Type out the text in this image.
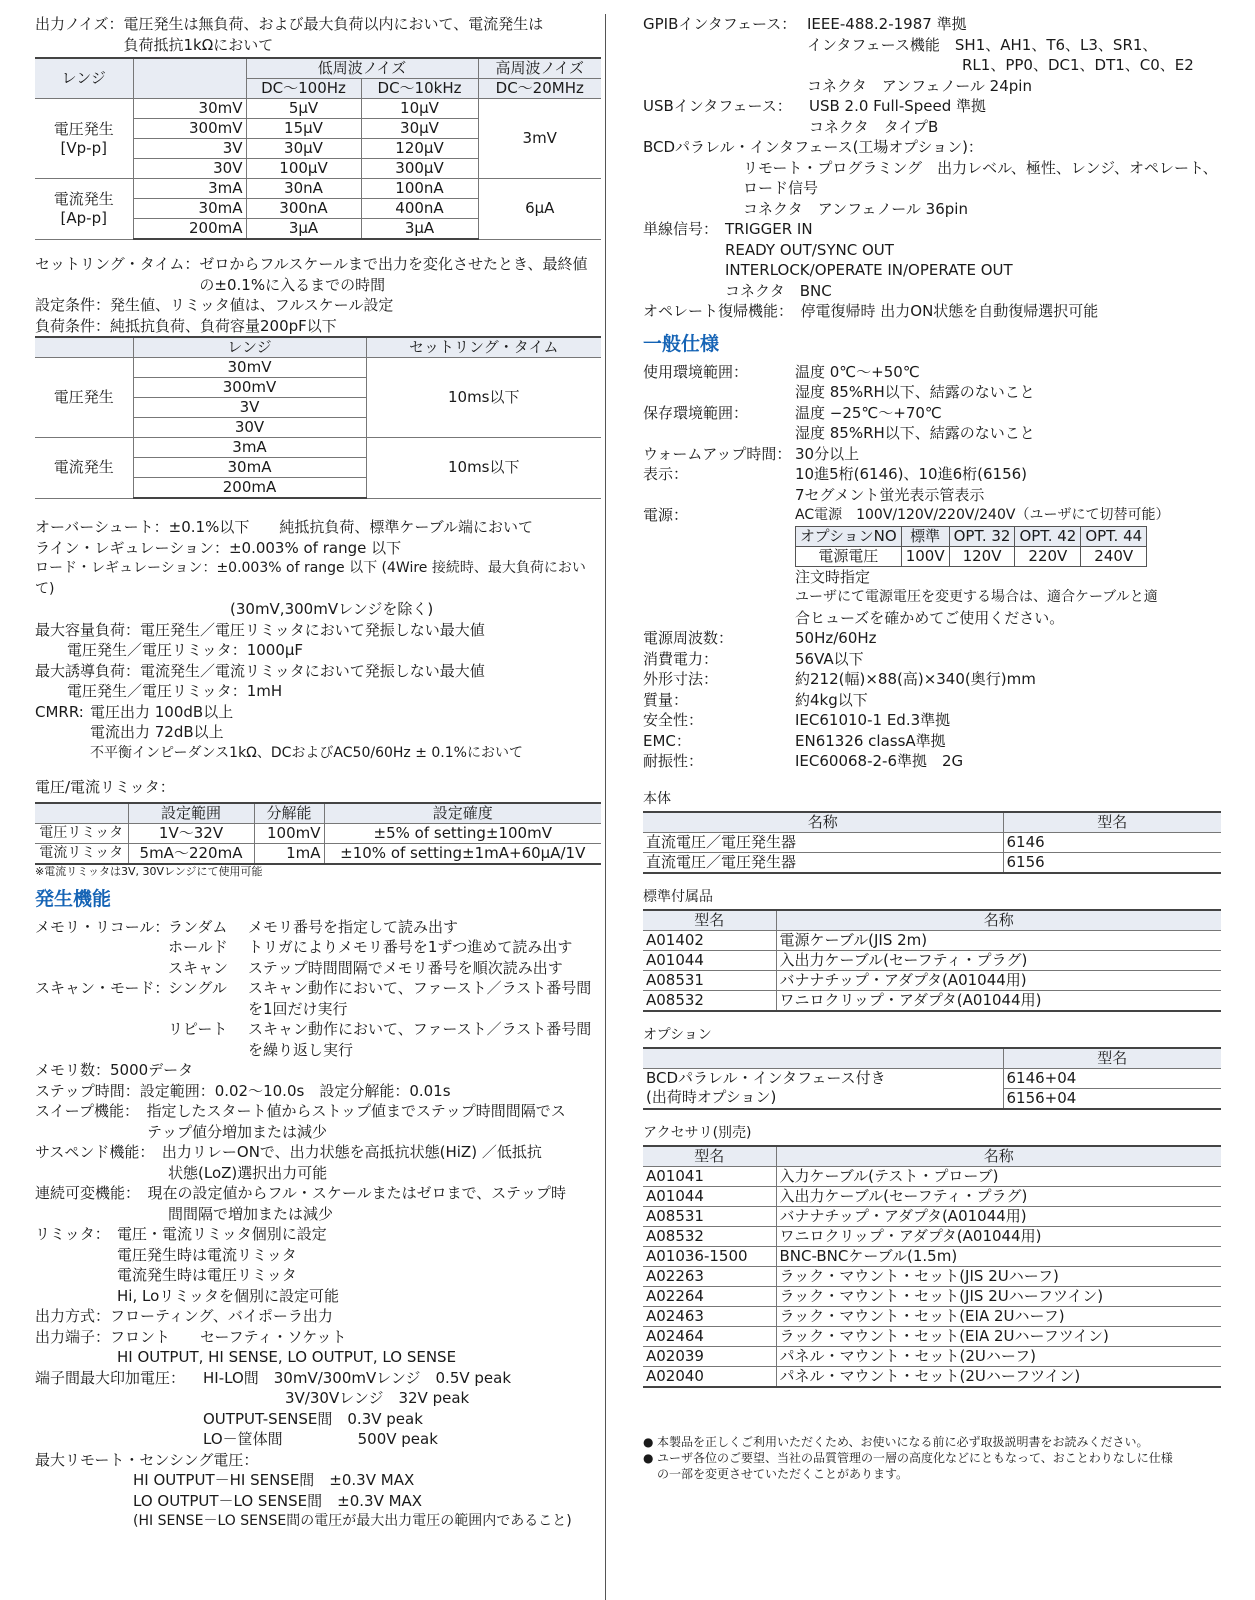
出力ノイズ： 電圧発生は無負荷、および最大負荷以内において、電流発生は
負荷抵抗1kΩにおいて
レンジ		低周波ノイズ		高周波ノイズ
		DC～100Hz	DC～10kHz	DC～20MHz

電圧発生
[Vp-p]	30mV	5μV	10μV	3mV
	300mV	15μV	30μV	
	3V	30μV	120μV	
	30V	100μV	300μV	

電流発生
[Ap-p]	3mA	30nA	100nA	6μA
	30mA	300nA	400nA	
	200mA	3μA	3μA	
セットリング・タイム： ゼロからフルスケールまで出力を変化させたとき、最終値
の±0.1%に入るまでの時間
設定条件：発生値、リミッタ値は、フルスケール設定
負荷条件：純抵抗負荷、負荷容量200pF以下
	レンジ	セットリング・タイム
電圧発生	30mV	10ms以下
	300mV	
	3V	
	30V	
電流発生	3mA	10ms以下
	30mA	
	200mA	
オーバーシュート：±0.1%以下　　純抵抗負荷、標準ケーブル端において
ライン・レギュレーション：±0.003% of range 以下
ロード・レギュレーション：±0.003% of range 以下 (4Wire 接続時、最大負荷において)
(30mV,300mVレンジを除く)
最大容量負荷：電圧発生／電圧リミッタにおいて発振しない最大値
電圧発生／電圧リミッタ：1000μF
最大誘導負荷：電流発生／電流リミッタにおいて発振しない最大値
電圧発生／電圧リミッタ：1mH
CMRR: 電圧出力 100dB以上
電流出力 72dB以上
不平衡インピーダンス1kΩ、DCおよびAC50/60Hz ± 0.1%において
電圧/電流リミッタ：
	設定範囲	分解能	設定確度
電圧リミッタ	1V～32V	100mV	±5% of setting±100mV
電流リミッタ	5mA～220mA	1mA	±10% of setting±1mA+60μA/1V
※電流リミッタは3V, 30Vレンジにて使用可能
発生機能
メモリ・リコール：
ランダム	メモリ番号を指定して読み出す
ホールド	トリガによりメモリ番号を1ずつ進めて読み出す
スキャン	ステップ時間間隔でメモリ番号を順次読み出す
スキャン・モード：
シングル	スキャン動作において、ファースト／ラスト番号間
を1回だけ実行
リピート	スキャン動作において、ファースト／ラスト番号間
を繰り返し実行
メモリ数：5000データ
ステップ時間：設定範囲：0.02～10.0s　設定分解能：0.01s
スイープ機能：　指定したスタート値からストップ値までステップ時間間隔でス
テップ値分増加または減少
サスペンド機能：　出力リレーONで、出力状態を高抵抗状態(HiZ) ／低抵抗
状態(LoZ)選択出力可能
連続可変機能：　現在の設定値からフル・スケールまたはゼロまで、ステップ時
間間隔で増加または減少
リミッタ： 電圧・電流リミッタ個別に設定
電圧発生時は電流リミッタ
電流発生時は電圧リミッタ
Hi, Loリミッタを個別に設定可能
出力方式：フローティング、バイポーラ出力
出力端子：フロント　　セーフティ・ソケット
HI OUTPUT, HI SENSE, LO OUTPUT, LO SENSE
端子間最大印加電圧：	HI-LO間　30mV/300mVレンジ　0.5V peak
3V/30Vレンジ　32V peak
OUTPUT-SENSE間　0.3V peak
LO－筐体間　　　　　500V peak
最大リモート・センシング電圧：
HI OUTPUT－HI SENSE間　±0.3V MAX
LO OUTPUT－LO SENSE間　±0.3V MAX
(HI SENSE－LO SENSE間の電圧が最大出力電圧の範囲内であること)
GPIBインタフェース： IEEE-488.2-1987 準拠
インタフェース機能　SH1、AH1、T6、L3、SR1、
RL1、PP0、DC1、DT1、C0、E2
コネクタ　アンフェノール 24pin
USBインタフェース：	USB 2.0 Full-Speed 準拠
コネクタ　タイプB
BCDパラレル・インタフェース(工場オプション)：
リモート・プログラミング　出力レベル、極性、レンジ、オペレート、
ロード信号
コネクタ　アンフェノール 36pin
単線信号： TRIGGER IN
READY OUT/SYNC OUT
INTERLOCK/OPERATE IN/OPERATE OUT
コネクタ　BNC
オペレート復帰機能：　停電復帰時 出力ON状態を自動復帰選択可能
一般仕様
使用環境範囲：	温度 0℃～+50℃
湿度 85%RH以下、結露のないこと
保存環境範囲：	温度 −25℃～+70℃
湿度 85%RH以下、結露のないこと
ウォームアップ時間： 30分以上
表示：	10進5桁(6146)、10進6桁(6156)
7セグメント蛍光表示管表示
電源：	AC電源　100V/120V/220V/240V（ユーザにて切替可能）
オプションNO	標準	OPT. 32	OPT. 42	OPT. 44
電源電圧	100V	120V	220V	240V
注文時指定
ユーザにて電源電圧を変更する場合は、適合ケーブルと適
合ヒューズを確かめてご使用ください。
電源周波数：	50Hz/60Hz
消費電力：	56VA以下
外形寸法：	約212(幅)×88(高)×340(奥行)mm
質量：	約4kg以下
安全性：	IEC61010-1 Ed.3準拠
EMC：	EN61326 classA準拠
耐振性：	IEC60068-2-6準拠　2G
本体
名称	型名
直流電圧／電圧発生器	6146
直流電圧／電圧発生器	6156
標準付属品
型名	名称
A01402	電源ケーブル(JIS 2m)
A01044	入出力ケーブル(セーフティ・プラグ)
A08531	バナナチップ・アダプタ(A01044用)
A08532	ワニロクリップ・アダプタ(A01044用)
オプション
	型名
BCDパラレル・インタフェース付き	6146+04
(出荷時オプション)	6156+04
アクセサリ(別売)
型名	名称
A01041	入力ケーブル(テスト・プローブ)
A01044	入出力ケーブル(セーフティ・プラグ)
A08531	バナナチップ・アダプタ(A01044用)
A08532	ワニロクリップ・アダプタ(A01044用)
A01036-1500	BNC-BNCケーブル(1.5m)
A02263	ラック・マウント・セット(JIS 2Uハーフ)
A02264	ラック・マウント・セット(JIS 2Uハーフツイン)
A02463	ラック・マウント・セット(EIA 2Uハーフ)
A02464	ラック・マウント・セット(EIA 2Uハーフツイン)
A02039	パネル・マウント・セット(2Uハーフ)
A02040	パネル・マウント・セット(2Uハーフツイン)
● 本製品を正しくご利用いただくため、お使いになる前に必ず取扱説明書をお読みください。
● ユーザ各位のご要望、当社の品質管理の一層の高度化などにともなって、おことわりなしに仕様
の一部を変更させていただくことがあります。
